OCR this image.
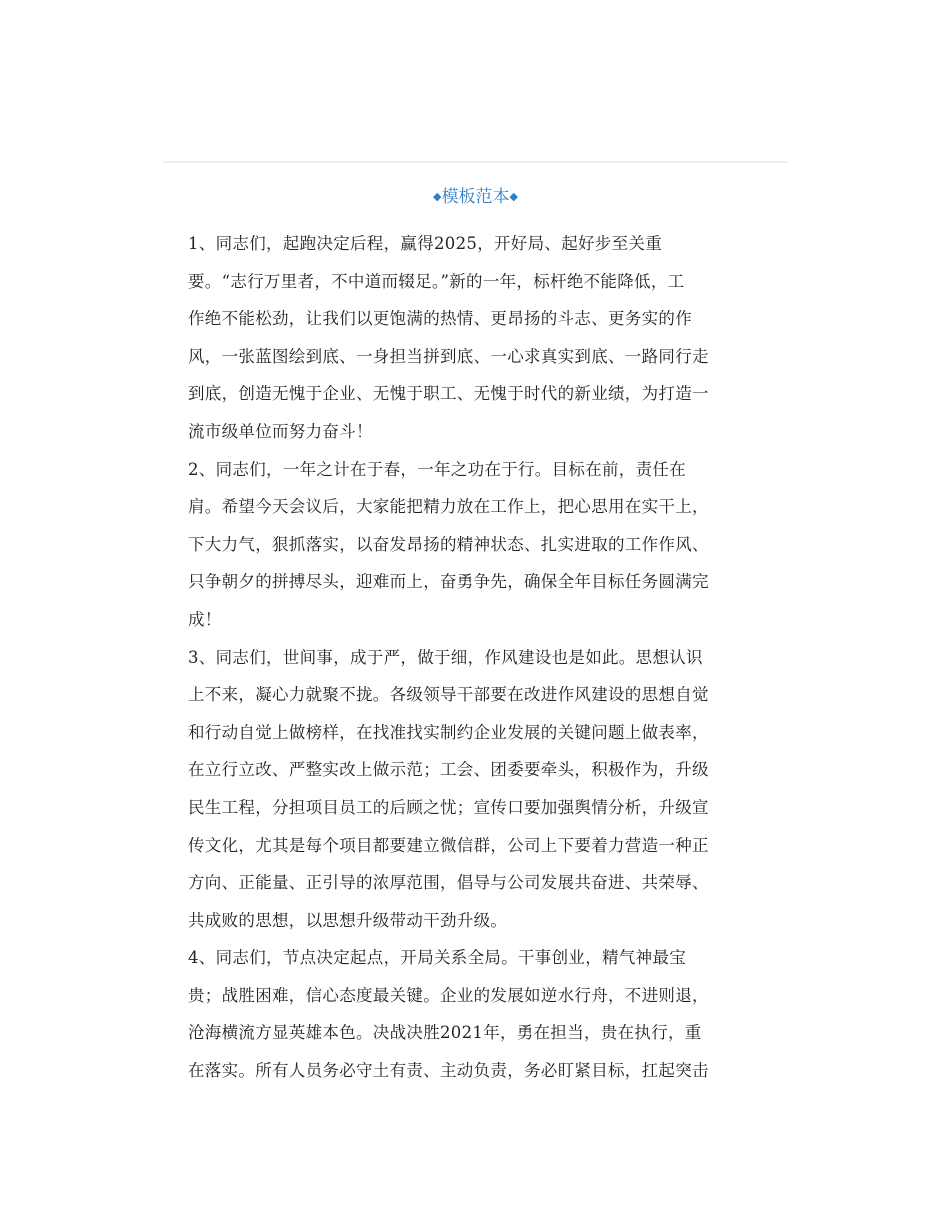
◆模板范本◆
1、同志们，起跑决定后程，赢得2025，开好局、起好步至关重
要。“志行万里者，不中道而辍足。”新的一年，标杆绝不能降低，工
作绝不能松劲，让我们以更饱满的热情、更昂扬的斗志、更务实的作
风，一张蓝图绘到底、一身担当拼到底、一心求真实到底、一路同行走
到底，创造无愧于企业、无愧于职工、无愧于时代的新业绩，为打造一
流市级单位而努力奋斗！
2、同志们，一年之计在于春，一年之功在于行。目标在前，责任在
肩。希望今天会议后，大家能把精力放在工作上，把心思用在实干上，
下大力气，狠抓落实，以奋发昂扬的精神状态、扎实进取的工作作风、
只争朝夕的拼搏尽头，迎难而上，奋勇争先，确保全年目标任务圆满完
成！
3、同志们，世间事，成于严，做于细，作风建设也是如此。思想认识
上不来，凝心力就聚不拢。各级领导干部要在改进作风建设的思想自觉
和行动自觉上做榜样，在找准找实制约企业发展的关键问题上做表率，
在立行立改、严整实改上做示范；工会、团委要牵头，积极作为，升级
民生工程，分担项目员工的后顾之忧；宣传口要加强舆情分析，升级宣
传文化，尤其是每个项目都要建立微信群，公司上下要着力营造一种正
方向、正能量、正引导的浓厚范围，倡导与公司发展共奋进、共荣辱、
共成败的思想，以思想升级带动干劲升级。
4、同志们，节点决定起点，开局关系全局。干事创业，精气神最宝
贵；战胜困难，信心态度最关键。企业的发展如逆水行舟，不进则退，
沧海横流方显英雄本色。决战决胜2021年，勇在担当，贵在执行，重
在落实。所有人员务必守土有责、主动负责，务必盯紧目标，扛起突击
